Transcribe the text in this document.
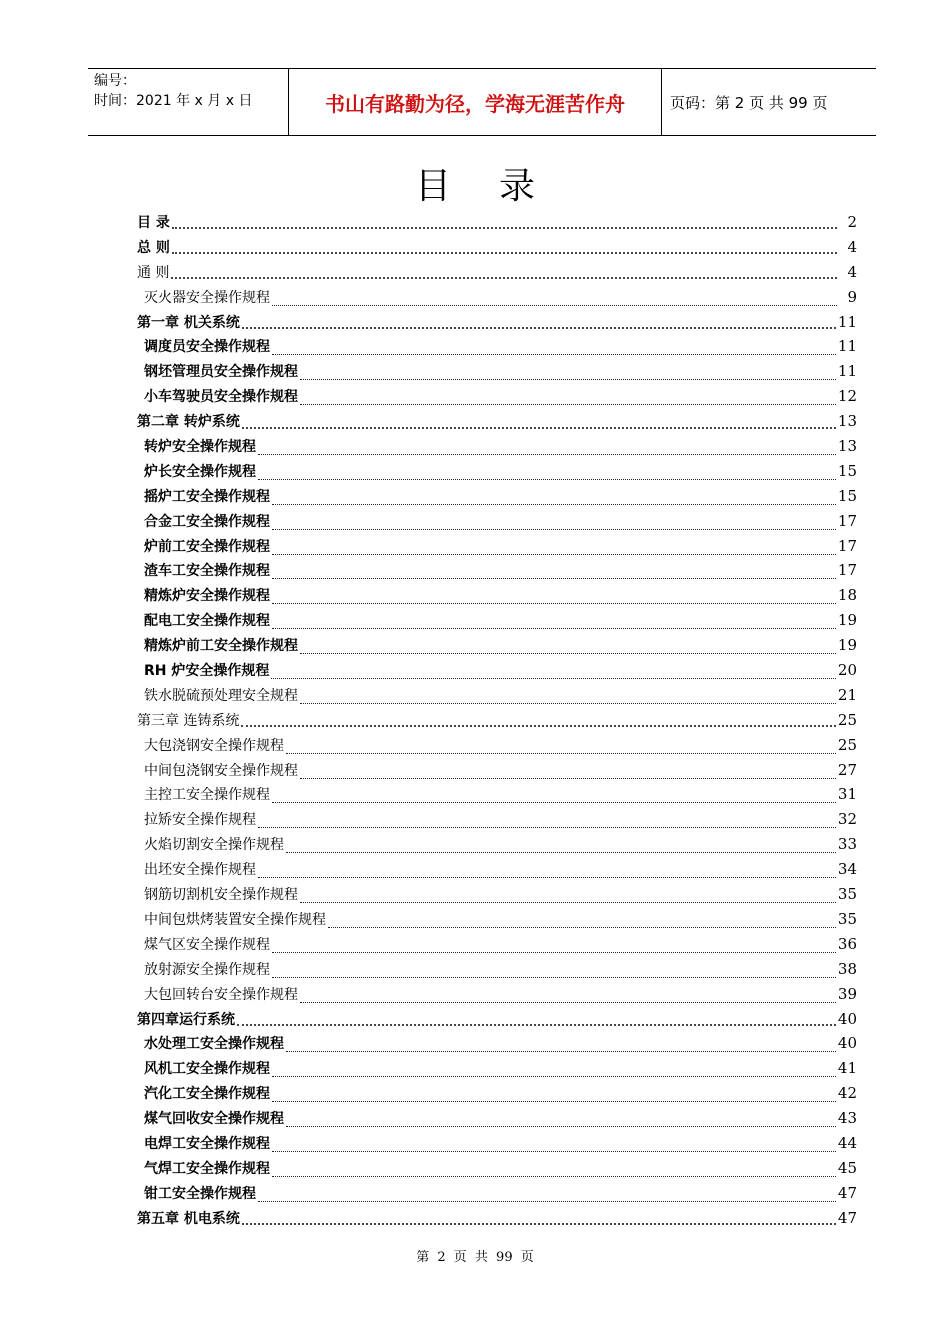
编号：
时间：2021 年 x 月 x 日	书山有路勤为径，学海无涯苦作舟	页码：第 2 页 共 99 页
目录
目 录	2
总 则	4
通 则	4
灭火器安全操作规程	9
第一章 机关系统	11
调度员安全操作规程	11
钢坯管理员安全操作规程	11
小车驾驶员安全操作规程	12
第二章 转炉系统	13
转炉安全操作规程	13
炉长安全操作规程	15
摇炉工安全操作规程	15
合金工安全操作规程	17
炉前工安全操作规程	17
渣车工安全操作规程	17
精炼炉安全操作规程	18
配电工安全操作规程	19
精炼炉前工安全操作规程	19
RH 炉安全操作规程	20
铁水脱硫预处理安全规程	21
第三章 连铸系统	25
大包浇钢安全操作规程	25
中间包浇钢安全操作规程	27
主控工安全操作规程	31
拉矫安全操作规程	32
火焰切割安全操作规程	33
出坯安全操作规程	34
钢筋切割机安全操作规程	35
中间包烘烤装置安全操作规程	35
煤气区安全操作规程	36
放射源安全操作规程	38
大包回转台安全操作规程	39
第四章运行系统	40
水处理工安全操作规程	40
风机工安全操作规程	41
汽化工安全操作规程	42
煤气回收安全操作规程	43
电焊工安全操作规程	44
气焊工安全操作规程	45
钳工安全操作规程	47
第五章 机电系统	47
第 2 页 共 99 页
